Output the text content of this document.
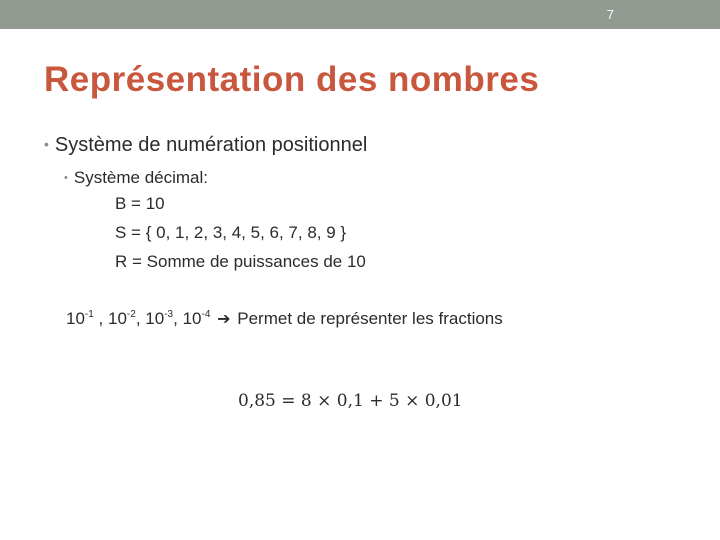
7
Représentation des nombres
• Système de numération positionnel
• Système décimal:
B = 10
S = { 0, 1, 2, 3, 4, 5, 6, 7, 8, 9 }
R = Somme de puissances de 10
$10^{-1}$ , $10^{-2}$, $10^{-3}$, $10^{-4}$ ➔ Permet de représenter les fractions
0,85 = 8 × 0,1 + 5 × 0,01
